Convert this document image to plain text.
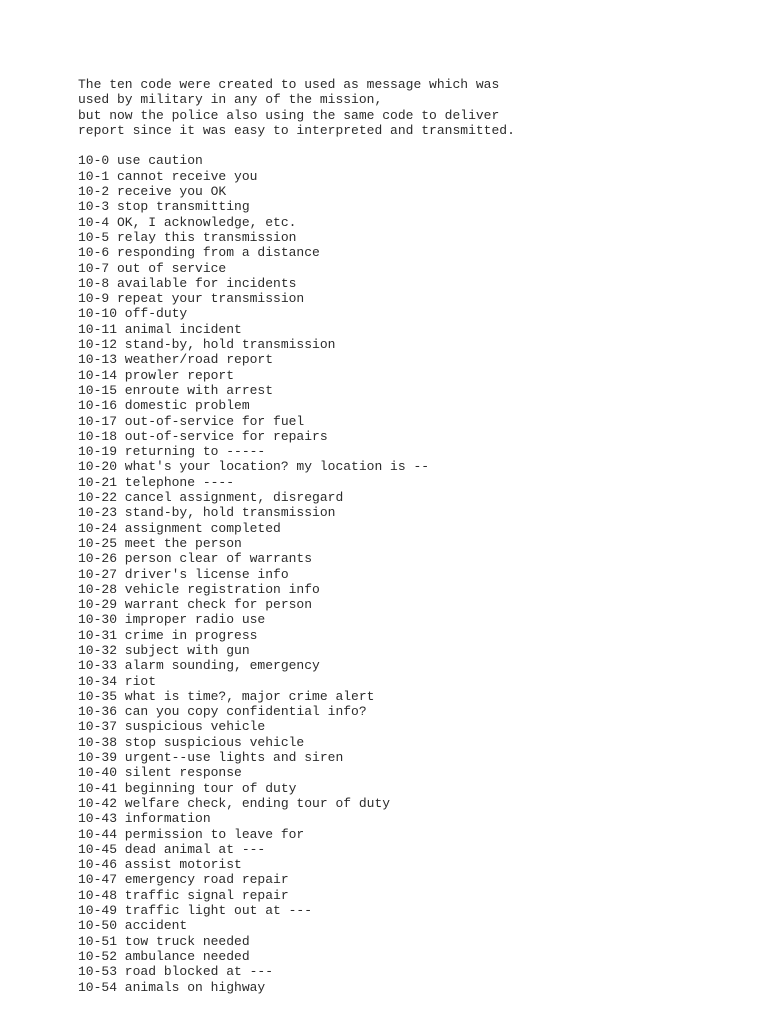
The ten code were created to used as message which was
used by military in any of the mission,
but now the police also using the same code to deliver
report since it was easy to interpreted and transmitted.
10-0 use caution
10-1 cannot receive you
10-2 receive you OK
10-3 stop transmitting
10-4 OK, I acknowledge, etc.
10-5 relay this transmission
10-6 responding from a distance
10-7 out of service
10-8 available for incidents
10-9 repeat your transmission
10-10 off-duty
10-11 animal incident
10-12 stand-by, hold transmission
10-13 weather/road report
10-14 prowler report
10-15 enroute with arrest
10-16 domestic problem
10-17 out-of-service for fuel
10-18 out-of-service for repairs
10-19 returning to -----
10-20 what's your location? my location is --
10-21 telephone ----
10-22 cancel assignment, disregard
10-23 stand-by, hold transmission
10-24 assignment completed
10-25 meet the person
10-26 person clear of warrants
10-27 driver's license info
10-28 vehicle registration info
10-29 warrant check for person
10-30 improper radio use
10-31 crime in progress
10-32 subject with gun
10-33 alarm sounding, emergency
10-34 riot
10-35 what is time?, major crime alert
10-36 can you copy confidential info?
10-37 suspicious vehicle
10-38 stop suspicious vehicle
10-39 urgent--use lights and siren
10-40 silent response
10-41 beginning tour of duty
10-42 welfare check, ending tour of duty
10-43 information
10-44 permission to leave for
10-45 dead animal at ---
10-46 assist motorist
10-47 emergency road repair
10-48 traffic signal repair
10-49 traffic light out at ---
10-50 accident
10-51 tow truck needed
10-52 ambulance needed
10-53 road blocked at ---
10-54 animals on highway
